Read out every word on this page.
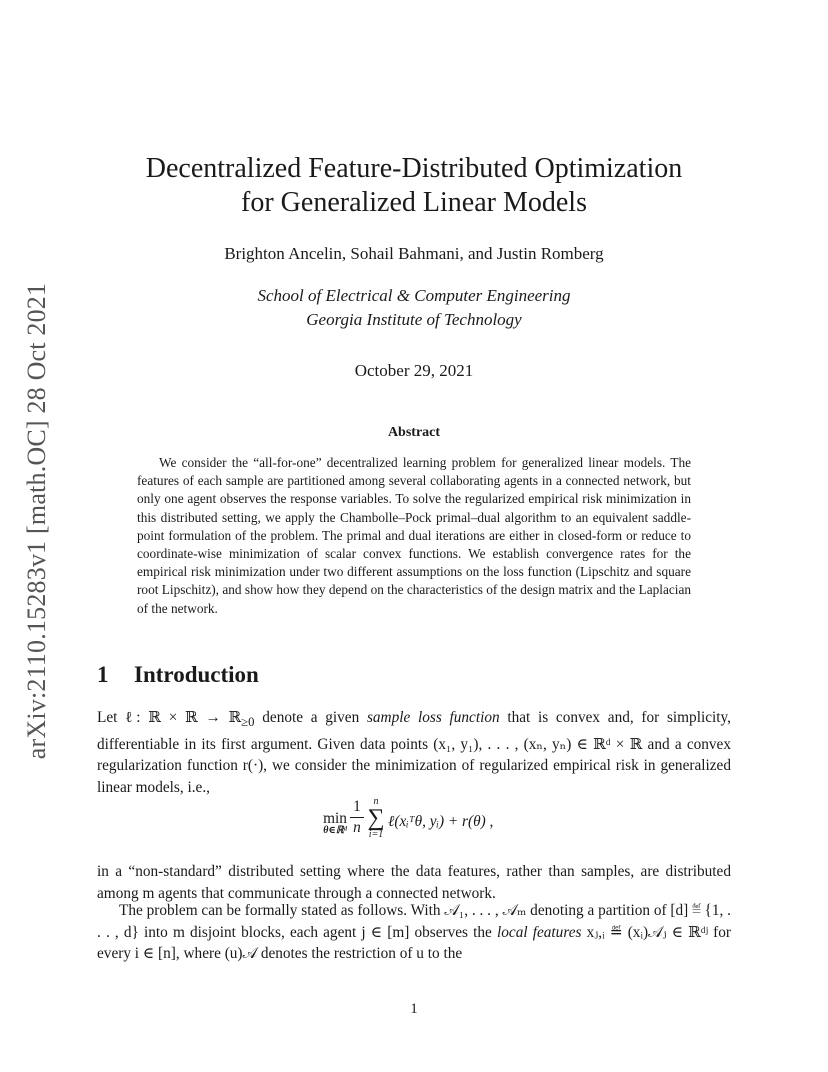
arXiv:2110.15283v1 [math.OC] 28 Oct 2021
Decentralized Feature-Distributed Optimization
for Generalized Linear Models
Brighton Ancelin, Sohail Bahmani, and Justin Romberg
School of Electrical & Computer Engineering
Georgia Institute of Technology
October 29, 2021
Abstract
We consider the “all-for-one” decentralized learning problem for generalized linear models. The features of each sample are partitioned among several collaborating agents in a connected network, but only one agent observes the response variables. To solve the regularized empirical risk minimization in this distributed setting, we apply the Chambolle–Pock primal–dual algorithm to an equivalent saddle-point formulation of the problem. The primal and dual iterations are either in closed-form or reduce to coordinate-wise minimization of scalar convex functions. We establish convergence rates for the empirical risk minimization under two different assumptions on the loss function (Lipschitz and square root Lipschitz), and show how they depend on the characteristics of the design matrix and the Laplacian of the network.
1 Introduction
Let ℓ: ℝ × ℝ → ℝ$_{\ge 0}$ denote a given sample loss function that is convex and, for simplicity, differentiable in its first argument. Given data points (x₁, y₁), . . . , (xₙ, yₙ) ∈ ℝᵈ × ℝ and a convex regularization function r(·), we consider the minimization of regularized empirical risk in generalized linear models, i.e.,
min
θ∈ℝᵈ
1
n
n
∑
i=1
ℓ(xᵢᵀθ, yᵢ) + r(θ) ,
in a “non-standard” distributed setting where the data features, rather than samples, are distributed among m agents that communicate through a connected network.
The problem can be formally stated as follows. With 𝒜₁, . . . , 𝒜ₘ denoting a partition of [d] ≝ {1, . . . , d} into m disjoint blocks, each agent j ∈ [m] observes the local features xⱼ,ᵢ ≝ (xᵢ)𝒜ⱼ ∈ ℝᵈʲ for every i ∈ [n], where (u)𝒜 denotes the restriction of u to the
1
